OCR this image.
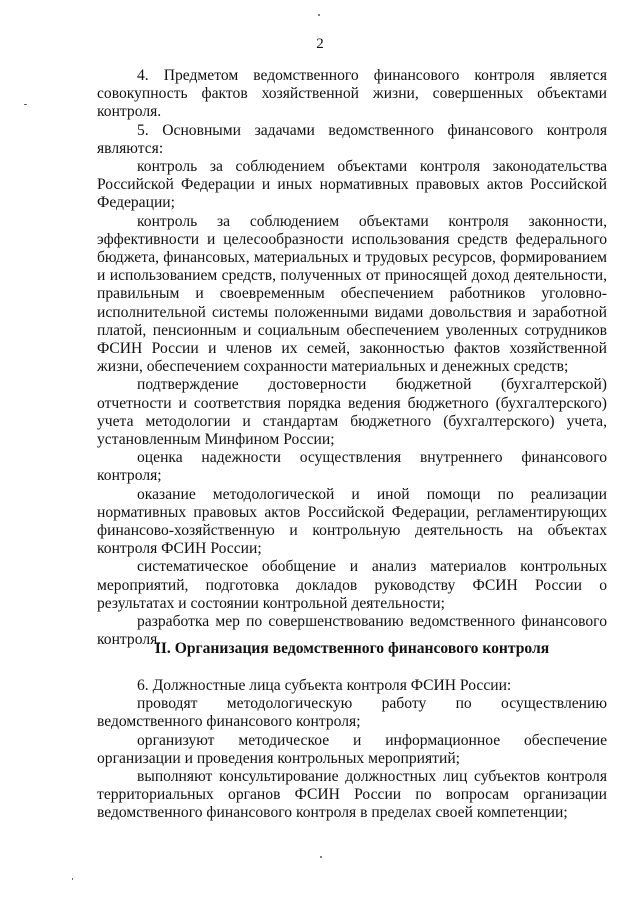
2

4. Предметом ведомственного финансового контроля является совокупность фактов хозяйственной жизни, совершенных объектами контроля.

5. Основными задачами ведомственного финансового контроля являются:

контроль за соблюдением объектами контроля законодательства Российской Федерации и иных нормативных правовых актов Российской Федерации;

контроль за соблюдением объектами контроля законности, эффективности и целесообразности использования средств федерального бюджета, финансовых, материальных и трудовых ресурсов, формированием и использованием средств, полученных от приносящей доход деятельности, правильным и своевременным обеспечением работников уголовно-исполнительной системы положенными видами довольствия и заработной платой, пенсионным и социальным обеспечением уволенных сотрудников ФСИН России и членов их семей, законностью фактов хозяйственной жизни, обеспечением сохранности материальных и денежных средств;

подтверждение достоверности бюджетной (бухгалтерской) отчетности и соответствия порядка ведения бюджетного (бухгалтерского) учета методологии и стандартам бюджетного (бухгалтерского) учета, установленным Минфином России;

оценка надежности осуществления внутреннего финансового контроля;

оказание методологической и иной помощи по реализации нормативных правовых актов Российской Федерации, регламентирующих финансово-хозяйственную и контрольную деятельность на объектах контроля ФСИН России;

систематическое обобщение и анализ материалов контрольных мероприятий, подготовка докладов руководству ФСИН России о результатах и состоянии контрольной деятельности;

разработка мер по совершенствованию ведомственного финансового контроля.

II. Организация ведомственного финансового контроля

6. Должностные лица субъекта контроля ФСИН России:

проводят методологическую работу по осуществлению ведомственного финансового контроля;

организуют методическое и информационное обеспечение организации и проведения контрольных мероприятий;

выполняют консультирование должностных лиц субъектов контроля территориальных органов ФСИН России по вопросам организации ведомственного финансового контроля в пределах своей компетенции;
